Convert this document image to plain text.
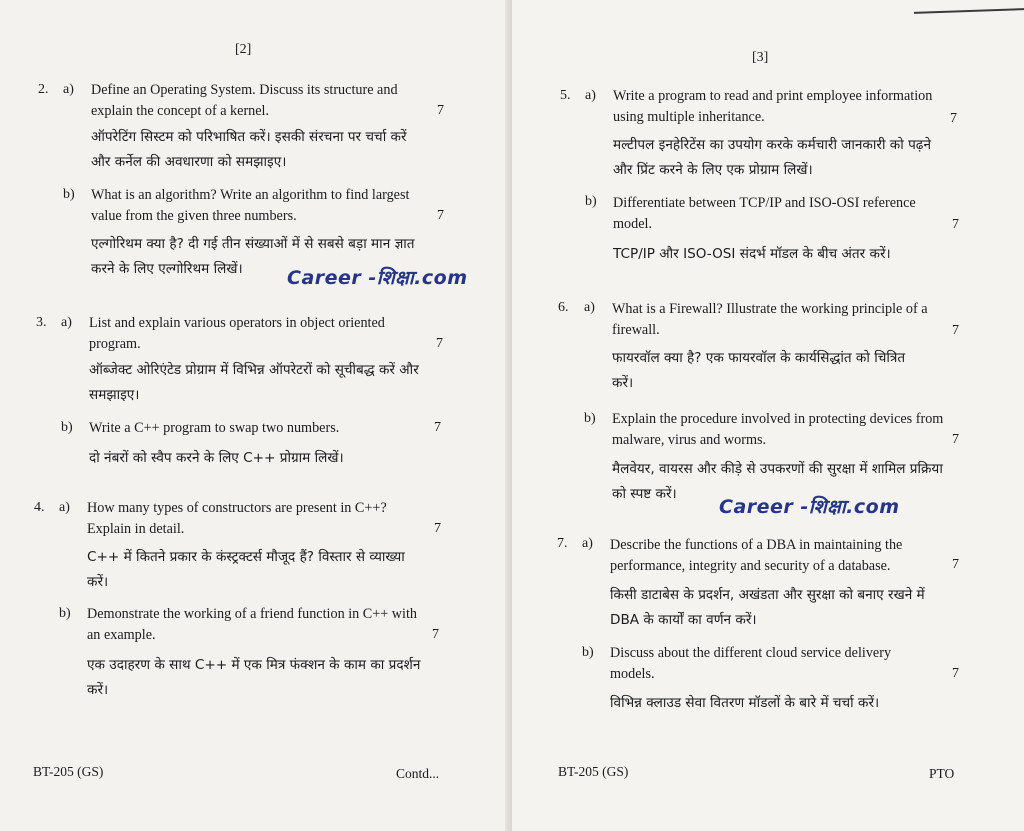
[2]
2. a) Define an Operating System. Discuss its structure and
explain the concept of a kernel.	7
ऑपरेटिंग सिस्टम को परिभाषित करें। इसकी संरचना पर चर्चा करें
और कर्नेल की अवधारणा को समझाइए।
b) What is an algorithm? Write an algorithm to find largest
value from the given three numbers.	7
एल्गोरिथम क्या है? दी गई तीन संख्याओं में से सबसे बड़ा मान ज्ञात
करने के लिए एल्गोरिथम लिखें।	Career -शिक्षा.com
3. a) List and explain various operators in object oriented
program.	7
ऑब्जेक्ट ओरिएंटेड प्रोग्राम में विभिन्न ऑपरेटरों को सूचीबद्ध करें और
समझाइए।
b) Write a C++ program to swap two numbers.	7
दो नंबरों को स्वैप करने के लिए C++ प्रोग्राम लिखें।
4. a) How many types of constructors are present in C++?
Explain in detail.	7
C++ में कितने प्रकार के कंस्ट्रक्टर्स मौजूद हैं? विस्तार से व्याख्या
करें।
b) Demonstrate the working of a friend function in C++ with
an example.	7
एक उदाहरण के साथ C++ में एक मित्र फंक्शन के काम का प्रदर्शन
करें।
BT-205 (GS)	Contd...
[3]
5. a) Write a program to read and print employee information
using multiple inheritance.	7
मल्टीपल इनहेरिटेंस का उपयोग करके कर्मचारी जानकारी को पढ़ने
और प्रिंट करने के लिए एक प्रोग्राम लिखें।
b) Differentiate between TCP/IP and ISO-OSI reference
model.	7
TCP/IP और ISO-OSI संदर्भ मॉडल के बीच अंतर करें।
6. a) What is a Firewall? Illustrate the working principle of a
firewall.	7
फायरवॉल क्या है? एक फायरवॉल के कार्यसिद्धांत को चित्रित
करें।
b) Explain the procedure involved in protecting devices from
malware, virus and worms.	7
मैलवेयर, वायरस और कीड़े से उपकरणों की सुरक्षा में शामिल प्रक्रिया
को स्पष्ट करें।
Career -शिक्षा.com
7. a) Describe the functions of a DBA in maintaining the
performance, integrity and security of a database.	7
किसी डाटाबेस के प्रदर्शन, अखंडता और सुरक्षा को बनाए रखने में
DBA के कार्यों का वर्णन करें।
b) Discuss about the different cloud service delivery
models.	7
विभिन्न क्लाउड सेवा वितरण मॉडलों के बारे में चर्चा करें।
BT-205 (GS)	PTO
